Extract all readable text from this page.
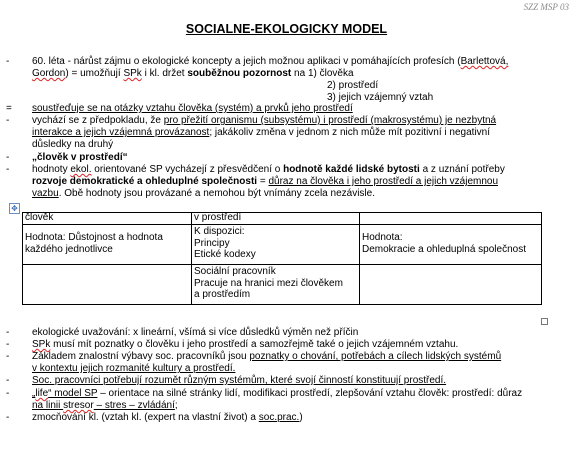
SZZ MSP 03
SOCIALNE-EKOLOGICKY MODEL
- 60. léta - nárůst zájmu o ekologické koncepty a jejich možnou aplikaci v pomáhajících profesích (Barlettová,
Gordon) = umožňují SPk i kl. držet souběžnou pozornost na 1) člověka
2) prostředí
3) jejich vzájemný vztah
= soustřeďuje se na otázky vztahu člověka (systém) a prvků jeho prostředí
- vychází se z předpokladu, že pro přežití organismu (subsystému) i prostředí (makrosystému) je nezbytná
interakce a jejich vzájemná provázanost; jakákoliv změna v jednom z nich může mít pozitivní i negativní
důsledky na druhý
- „člověk v prostředí“
- hodnoty ekol. orientované SP vycházejí z přesvědčení o hodnotě každé lidské bytosti a z uznání potřeby
rozvoje demokratické a ohleduplné společnosti = důraz na člověka i jeho prostředí a jejich vzájemnou
vazbu. Obě hodnoty jsou provázané a nemohou být vnímány zcela nezávisle.
✥
člověk	v prostředí
Hodnota: Důstojnost a hodnota
každého jednotlivce
K dispozici:
Principy
Etické kodexy
Hodnota:
Demokracie a ohleduplná společnost
Sociální pracovník
Pracuje na hranici mezi člověkem
a prostředím
- ekologické uvažování: x lineární, všímá si více důsledků výměn než příčin
- SPk musí mít poznatky o člověku i jeho prostředí a samozřejmě také o jejich vzájemném vztahu.
- Základem znalostní výbavy soc. pracovníků jsou poznatky o chování, potřebách a cílech lidských systémů
v kontextu jejich rozmanité kultury a prostředí.
- Soc. pracovníci potřebují rozumět různým systémům, které svojí činností konstituují prostředí.
- „life“ model SP – orientace na silné stránky lidí, modifikaci prostředí, zlepšování vztahu člověk: prostředí: důraz
na linii stresor – stres – zvládání;
- zmocňování kl. (vztah kl. (expert na vlastní život) a soc.prac.)
